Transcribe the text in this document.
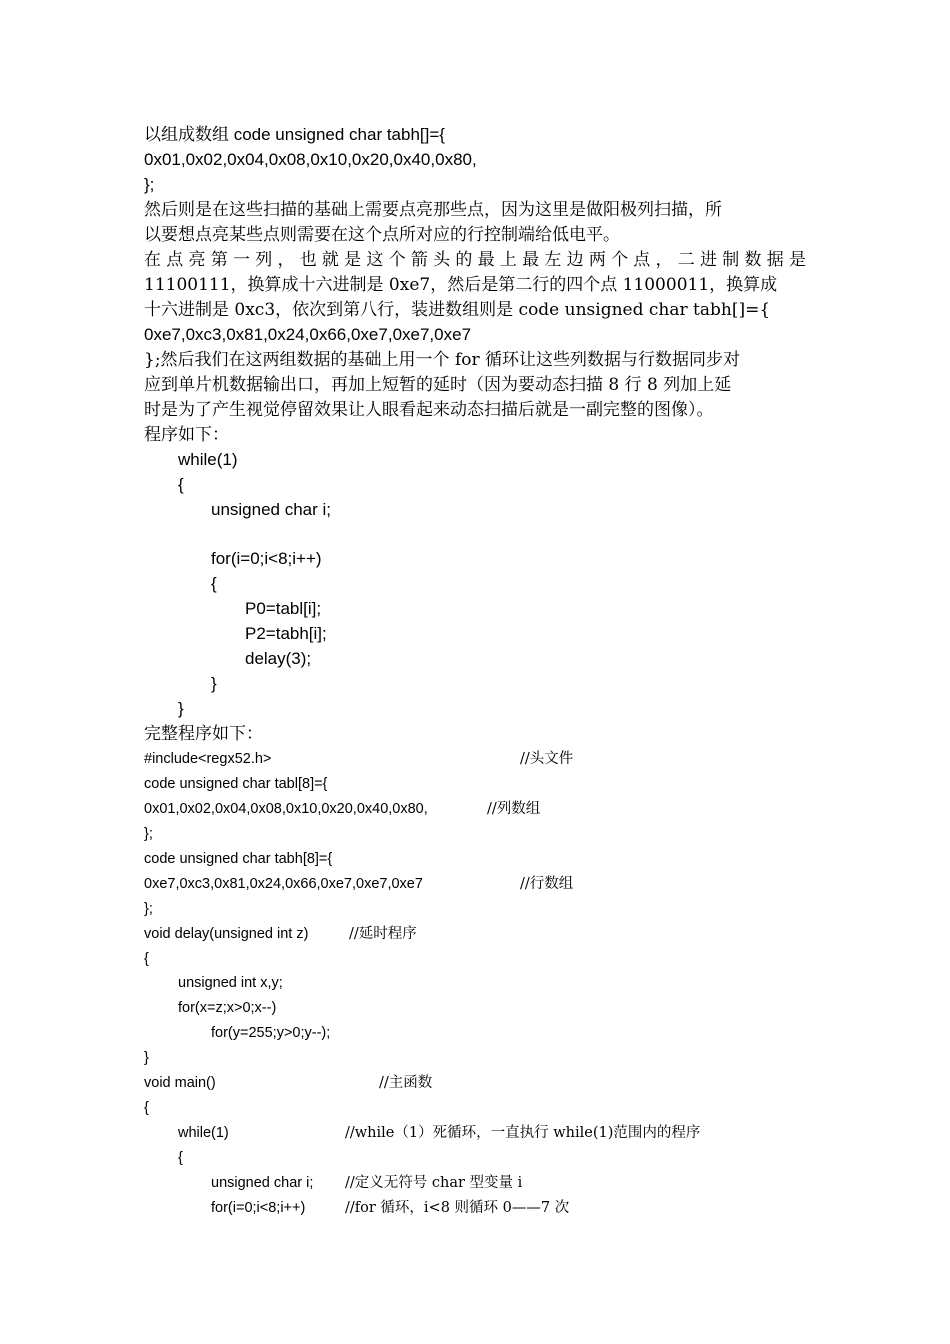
以组成数组 code unsigned char tabh[]={
0x01,0x02,0x04,0x08,0x10,0x20,0x40,0x80,
};
然后则是在这些扫描的基础上需要点亮那些点，因为这里是做阳极列扫描，所
以要想点亮某些点则需要在这个点所对应的行控制端给低电平。
在点亮第一列，也就是这个箭头的最上最左边两个点，二进制数据是
11100111，换算成十六进制是 0xe7，然后是第二行的四个点 11000011，换算成
十六进制是 0xc3，依次到第八行，装进数组则是 code unsigned char tabh[]={
0xe7,0xc3,0x81,0x24,0x66,0xe7,0xe7,0xe7
};然后我们在这两组数据的基础上用一个 for 循环让这些列数据与行数据同步对
应到单片机数据输出口，再加上短暂的延时（因为要动态扫描 8 行 8 列加上延
时是为了产生视觉停留效果让人眼看起来动态扫描后就是一副完整的图像）。
程序如下：
while(1)
{
unsigned char i;
for(i=0;i<8;i++)
{
P0=tabl[i];
P2=tabh[i];
delay(3);
}
}
完整程序如下：
#include<regx52.h>	//头文件
code unsigned char tabl[8]={
0x01,0x02,0x04,0x08,0x10,0x20,0x40,0x80,	//列数组
};
code unsigned char tabh[8]={
0xe7,0xc3,0x81,0x24,0x66,0xe7,0xe7,0xe7	//行数组
};
void delay(unsigned int z)	//延时程序
{
unsigned int x,y;
for(x=z;x>0;x--)
for(y=255;y>0;y--);
}
void main()	//主函数
{
while(1)	//while（1）死循环，一直执行 while(1)范围内的程序
{
unsigned char i; //定义无符号 char 型变量 i
for(i=0;i<8;i++)	//for 循环，i<8 则循环 0——7 次
